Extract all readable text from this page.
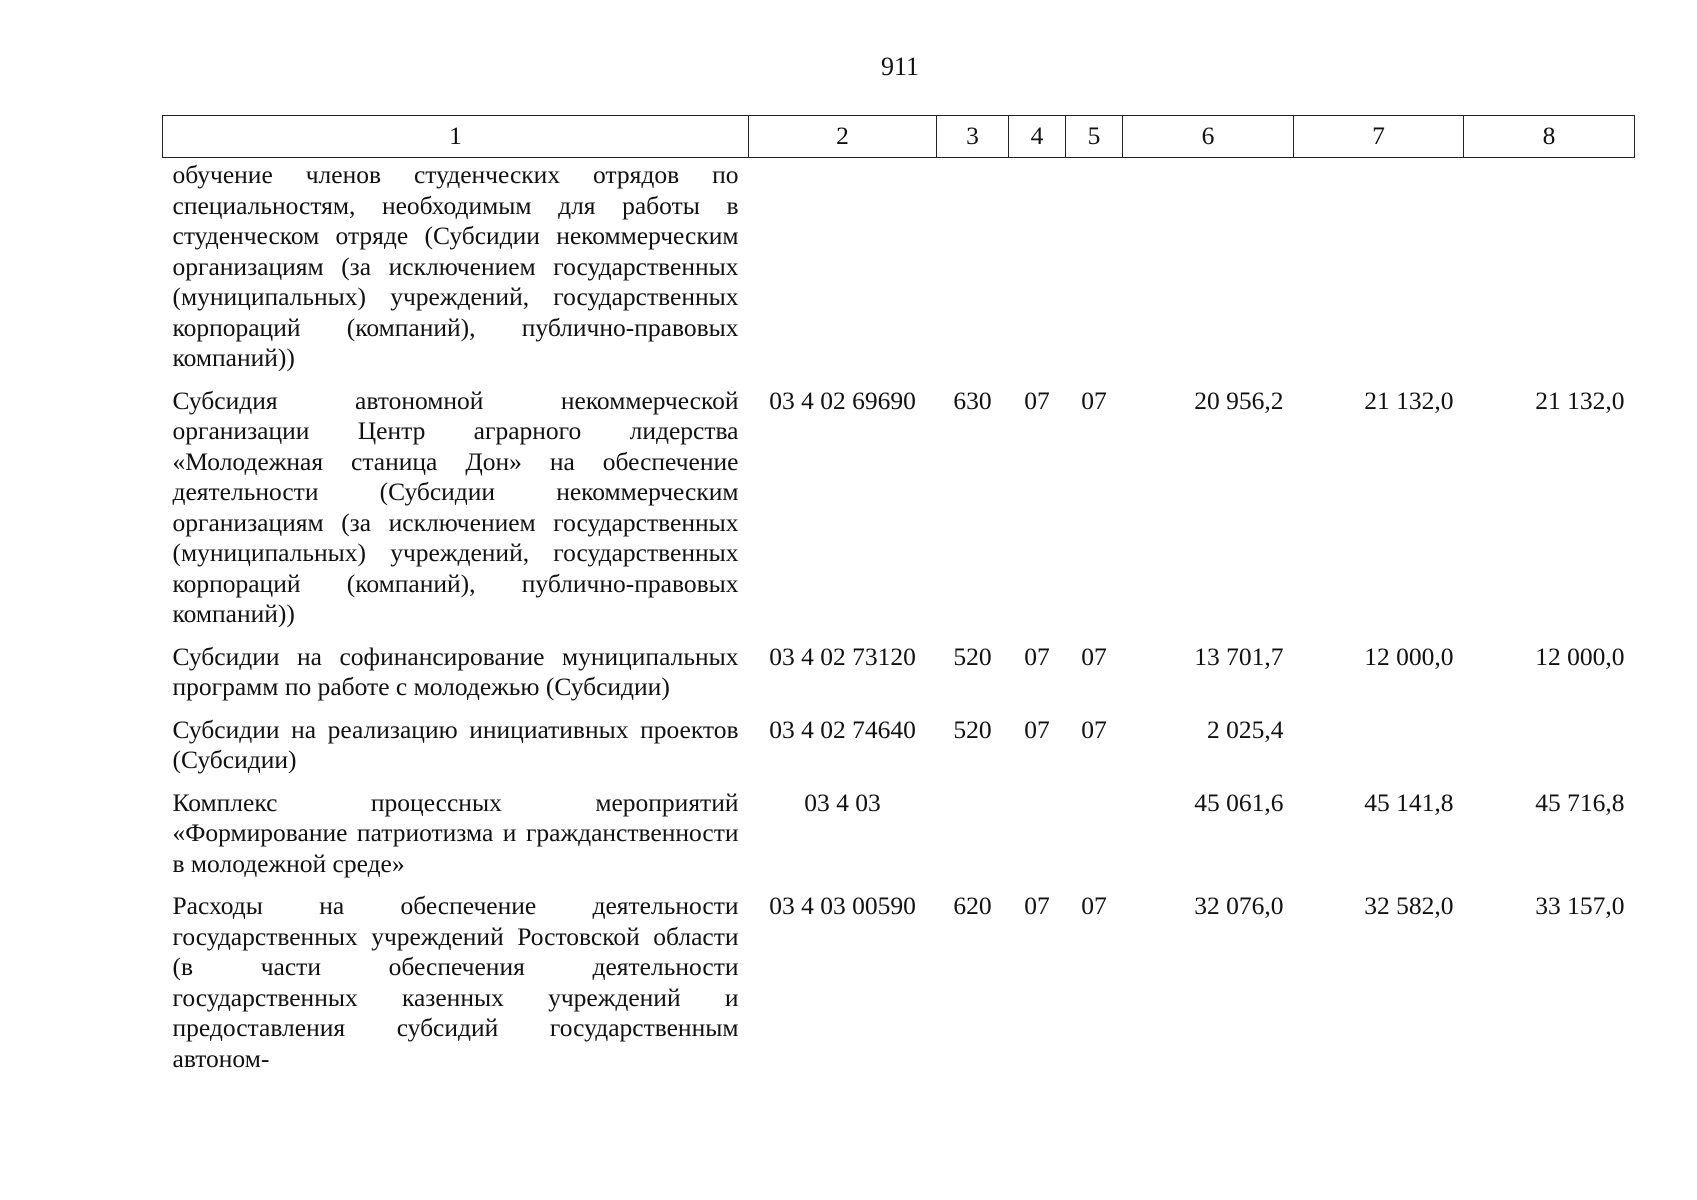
911
1	2	3	4	5	6	7	8
обучение членов студенческих отрядов по специальностям, необходимым для работы в студенческом отряде (Субсидии некоммерческим организациям (за исключением государственных (муниципальных) учреждений, государственных корпораций (компаний), публично-правовых компаний))							
Субсидия автономной некоммерческой организации Центр аграрного лидерства «Молодежная станица Дон» на обеспечение деятельности (Субсидии некоммерческим организациям (за исключением государственных (муниципальных) учреждений, государственных корпораций (компаний), публично-правовых компаний))	03 4 02 69690	630	07	07	20 956,2	21 132,0	21 132,0
Субсидии на софинансирование муниципальных программ по работе с молодежью (Субсидии)	03 4 02 73120	520	07	07	13 701,7	12 000,0	12 000,0
Субсидии на реализацию инициативных проектов (Субсидии)	03 4 02 74640	520	07	07	2 025,4		
Комплекс процессных мероприятий «Формирование патриотизма и гражданственности в молодежной среде»	03 4 03				45 061,6	45 141,8	45 716,8
Расходы на обеспечение деятельности государственных учреждений Ростовской области (в части обеспечения деятельности государственных казенных учреждений и предоставления субсидий государственным автоном-	03 4 03 00590	620	07	07	32 076,0	32 582,0	33 157,0
